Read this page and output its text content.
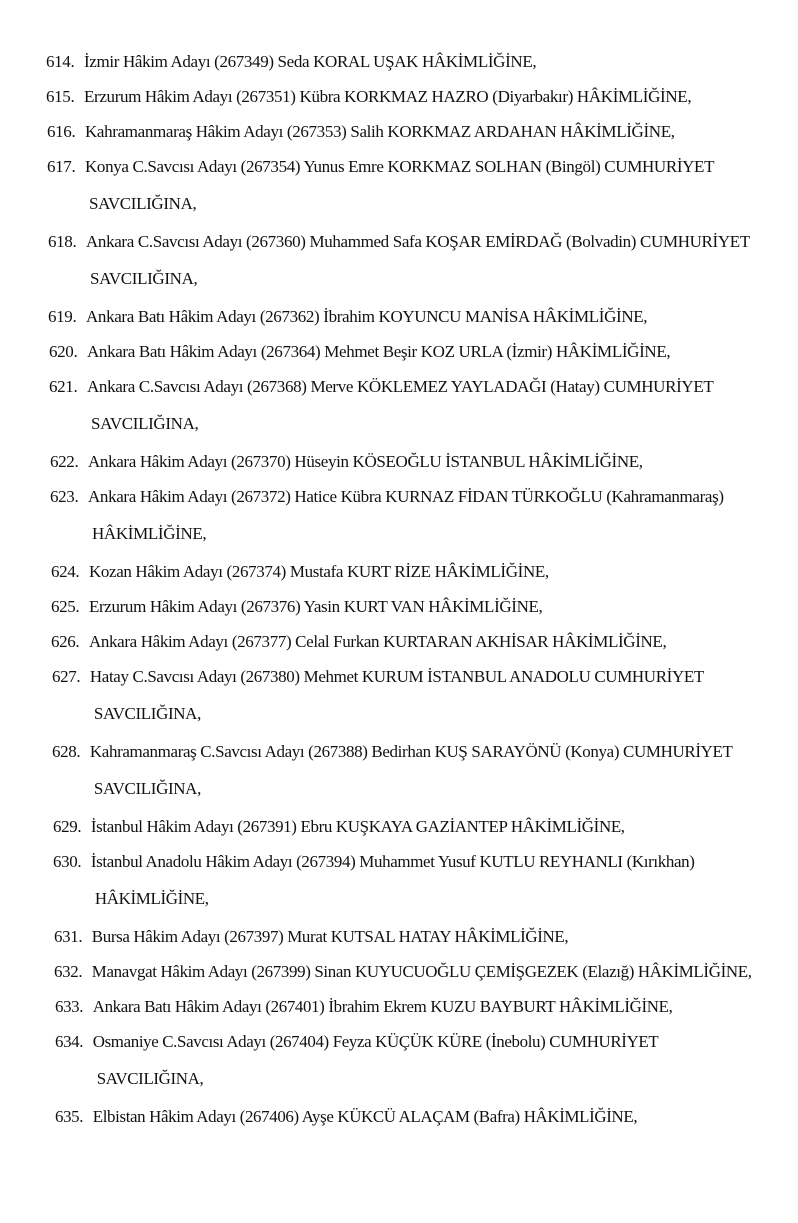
614. İzmir Hâkim Adayı (267349) Seda KORAL UŞAK HÂKİMLİĞİNE,
615. Erzurum Hâkim Adayı (267351) Kübra KORKMAZ HAZRO (Diyarbakır) HÂKİMLİĞİNE,
616. Kahramanmaraş Hâkim Adayı (267353) Salih KORKMAZ ARDAHAN HÂKİMLİĞİNE,
617. Konya C.Savcısı Adayı (267354) Yunus Emre KORKMAZ SOLHAN (Bingöl) CUMHURİYET
SAVCILIĞINA,
618. Ankara C.Savcısı Adayı (267360) Muhammed Safa KOŞAR EMİRDAĞ (Bolvadin) CUMHURİYET
SAVCILIĞINA,
619. Ankara Batı Hâkim Adayı (267362) İbrahim KOYUNCU MANİSA HÂKİMLİĞİNE,
620. Ankara Batı Hâkim Adayı (267364) Mehmet Beşir KOZ URLA (İzmir) HÂKİMLİĞİNE,
621. Ankara C.Savcısı Adayı (267368) Merve KÖKLEMEZ YAYLADAĞI (Hatay) CUMHURİYET
SAVCILIĞINA,
622. Ankara Hâkim Adayı (267370) Hüseyin KÖSEOĞLU İSTANBUL HÂKİMLİĞİNE,
623. Ankara Hâkim Adayı (267372) Hatice Kübra KURNAZ FİDAN TÜRKOĞLU (Kahramanmaraş)
HÂKİMLİĞİNE,
624. Kozan Hâkim Adayı (267374) Mustafa KURT RİZE HÂKİMLİĞİNE,
625. Erzurum Hâkim Adayı (267376) Yasin KURT VAN HÂKİMLİĞİNE,
626. Ankara Hâkim Adayı (267377) Celal Furkan KURTARAN AKHİSAR HÂKİMLİĞİNE,
627. Hatay C.Savcısı Adayı (267380) Mehmet KURUM İSTANBUL ANADOLU CUMHURİYET
SAVCILIĞINA,
628. Kahramanmaraş C.Savcısı Adayı (267388) Bedirhan KUŞ SARAYÖNÜ (Konya) CUMHURİYET
SAVCILIĞINA,
629. İstanbul Hâkim Adayı (267391) Ebru KUŞKAYA GAZİANTEP HÂKİMLİĞİNE,
630. İstanbul Anadolu Hâkim Adayı (267394) Muhammet Yusuf KUTLU REYHANLI (Kırıkhan)
HÂKİMLİĞİNE,
631. Bursa Hâkim Adayı (267397) Murat KUTSAL HATAY HÂKİMLİĞİNE,
632. Manavgat Hâkim Adayı (267399) Sinan KUYUCUOĞLU ÇEMİŞGEZEK (Elazığ) HÂKİMLİĞİNE,
633. Ankara Batı Hâkim Adayı (267401) İbrahim Ekrem KUZU BAYBURT HÂKİMLİĞİNE,
634. Osmaniye C.Savcısı Adayı (267404) Feyza KÜÇÜK KÜRE (İnebolu) CUMHURİYET
SAVCILIĞINA,
635. Elbistan Hâkim Adayı (267406) Ayşe KÜKCÜ ALAÇAM (Bafra) HÂKİMLİĞİNE,
